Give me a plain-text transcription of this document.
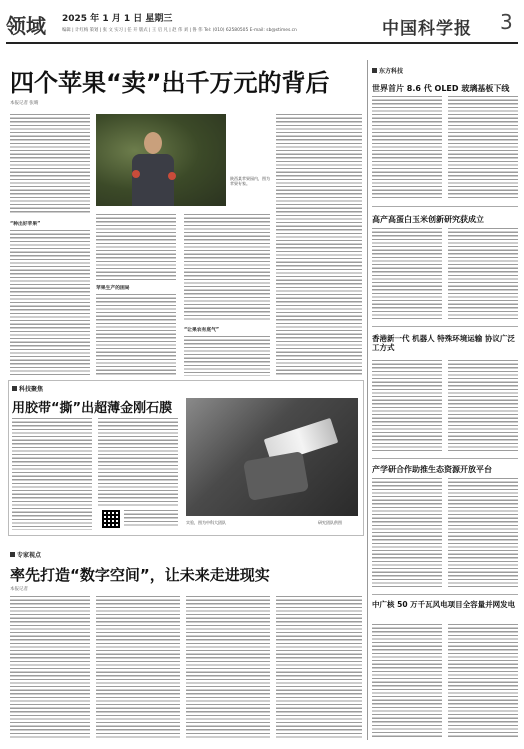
领域 2025 年 1 月 1 日 星期三
编辑 | 计红梅 策划 | 张 文 实习 | 任 开 版式 | 王 启 凡 | 赵 伟 刘 | 鲁 伟 Tel: (010) 62580505 E-mail: sb@stimes.cn	中国科学报 3
四个苹果“卖”出千万元的背后
本报记者 张晴
“种出好苹果”
陕西某苹果园内，图为苹果专家。
苹果生产的困局
“让果农有底气”
东方科技
世界首片 8.6 代 OLED 玻璃基板下线
高产高蛋白玉米创新研究获成立
香港新一代 机器人 特殊环境运输 协议广泛工方式
产学研合作助推生态资源开放平台
中广核 50 万千瓦风电项目全容量并网发电
科技聚焦
用胶带“撕”出超薄金刚石膜
实验，图为中科大团队	研究团队供图
专家视点
率先打造“数字空间”，让未来走进现实
本报记者
